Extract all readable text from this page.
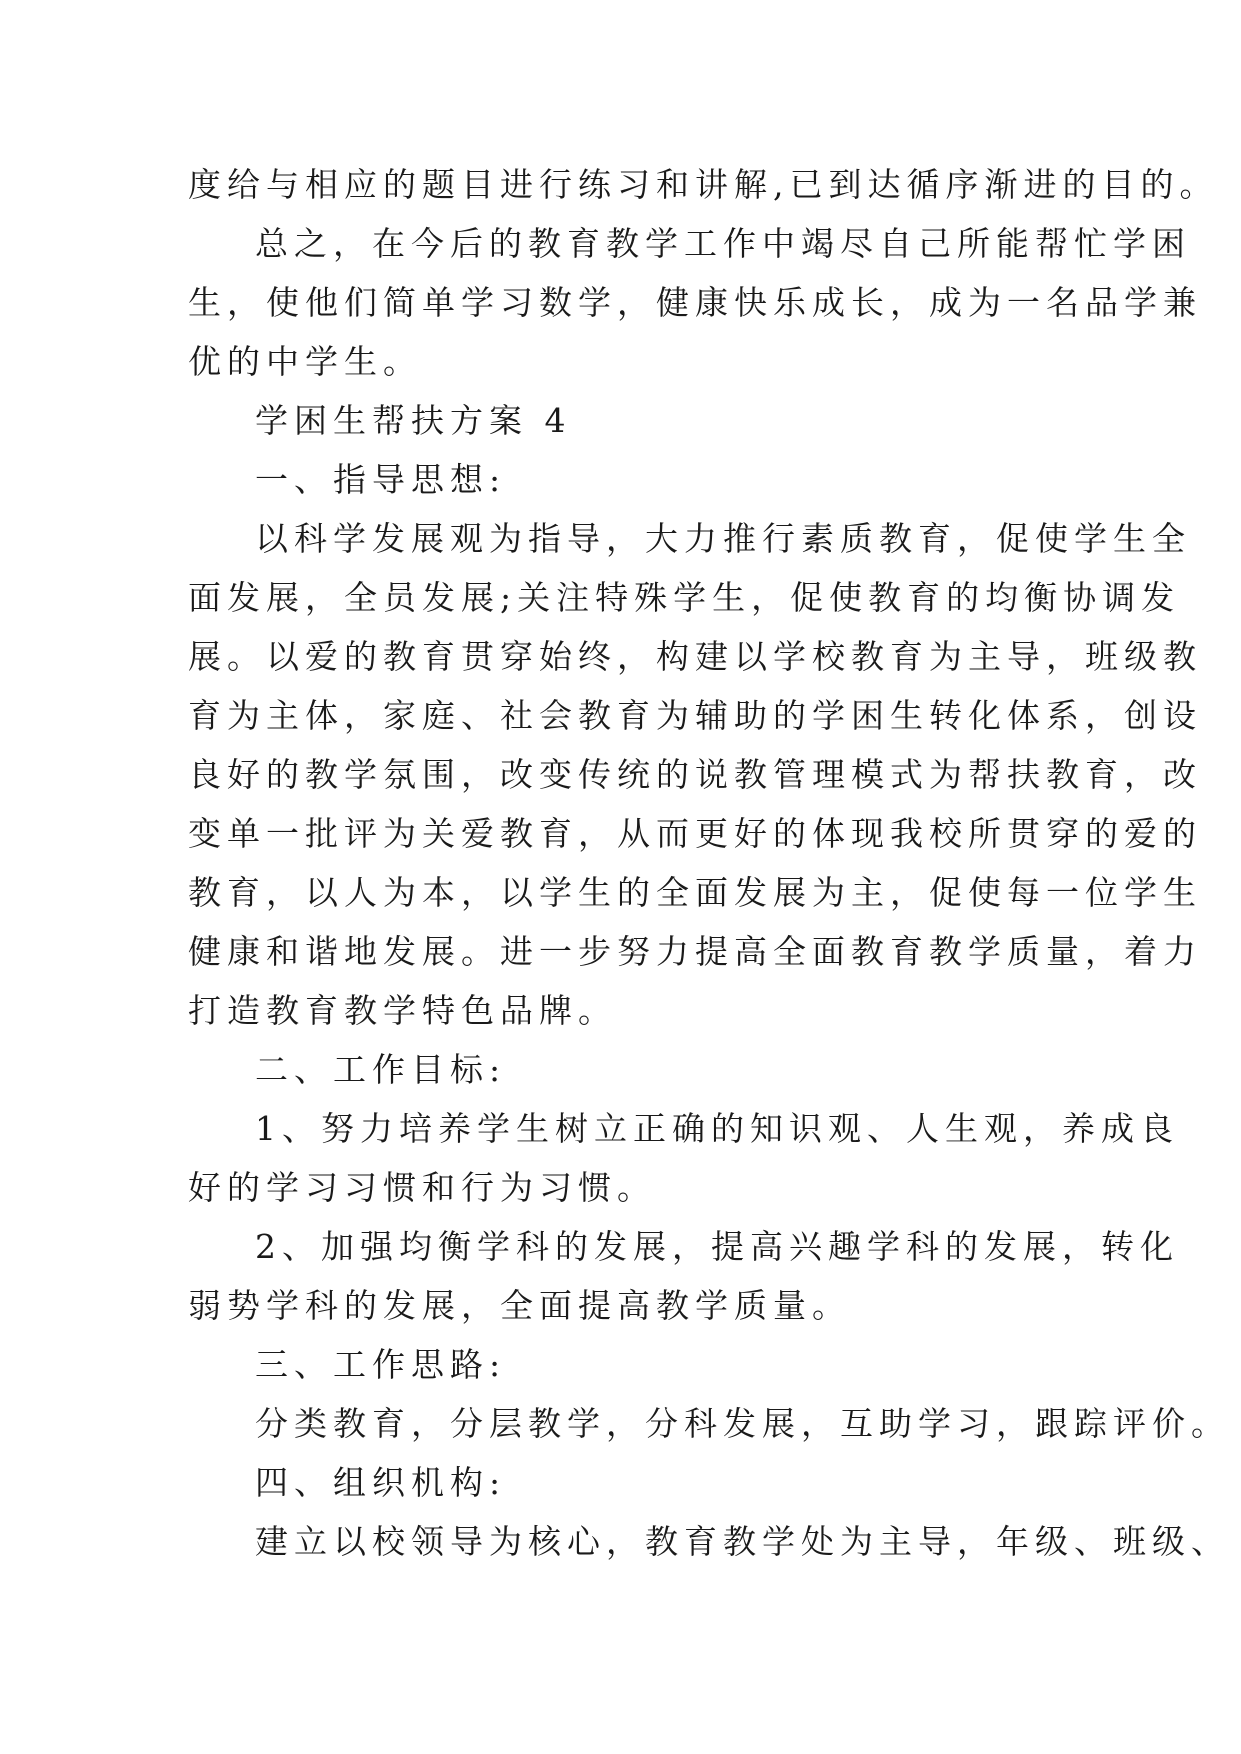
度给与相应的题目进行练习和讲解,已到达循序渐进的目的。
总之，在今后的教育教学工作中竭尽自己所能帮忙学困
生，使他们简单学习数学，健康快乐成长，成为一名品学兼
优的中学生。
学困生帮扶方案 4
一、指导思想:
以科学发展观为指导，大力推行素质教育，促使学生全
面发展，全员发展;关注特殊学生，促使教育的均衡协调发
展。以爱的教育贯穿始终，构建以学校教育为主导，班级教
育为主体，家庭、社会教育为辅助的学困生转化体系，创设
良好的教学氛围，改变传统的说教管理模式为帮扶教育，改
变单一批评为关爱教育，从而更好的体现我校所贯穿的爱的
教育，以人为本，以学生的全面发展为主，促使每一位学生
健康和谐地发展。进一步努力提高全面教育教学质量，着力
打造教育教学特色品牌。
二、工作目标:
1、努力培养学生树立正确的知识观、人生观，养成良
好的学习习惯和行为习惯。
2、加强均衡学科的发展，提高兴趣学科的发展，转化
弱势学科的发展，全面提高教学质量。
三、工作思路:
分类教育，分层教学，分科发展，互助学习，跟踪评价。
四、组织机构:
建立以校领导为核心，教育教学处为主导，年级、班级、
